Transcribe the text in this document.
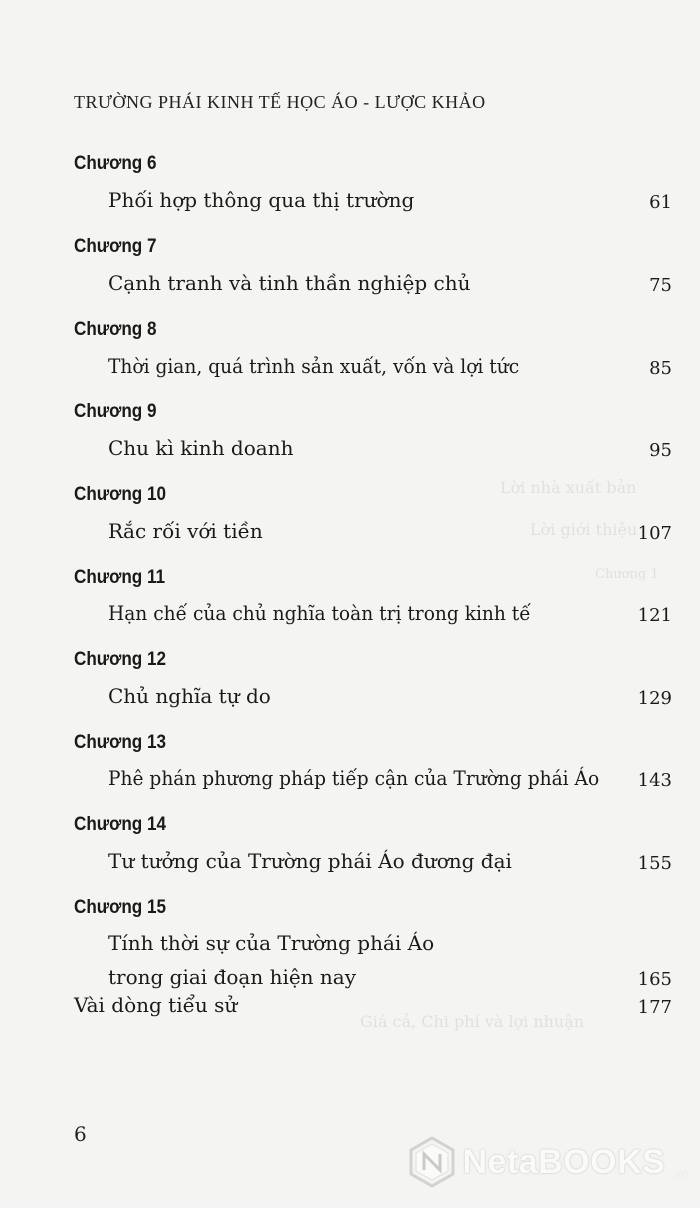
Lời nhà xuất bản
Lời giới thiệu
Chương 1
Giá cả, Chi phí và lợi nhuận
TRƯỜNG PHÁI KINH TẾ HỌC ÁO - LƯỢC KHẢO
Chương 6
Phối hợp thông qua thị trường	61
Chương 7
Cạnh tranh và tinh thần nghiệp chủ	75
Chương 8
Thời gian, quá trình sản xuất, vốn và lợi tức	85
Chương 9
Chu kì kinh doanh	95
Chương 10
Rắc rối với tiền	107
Chương 11
Hạn chế của chủ nghĩa toàn trị trong kinh tế	121
Chương 12
Chủ nghĩa tự do	129
Chương 13
Phê phán phương pháp tiếp cận của Trường phái Áo 143
Chương 14
Tư tưởng của Trường phái Áo đương đại	155
Chương 15
Tính thời sự của Trường phái Áo
trong giai đoạn hiện nay	165
Vài dòng tiểu sử	177
6
NetaBOOKS .vn
